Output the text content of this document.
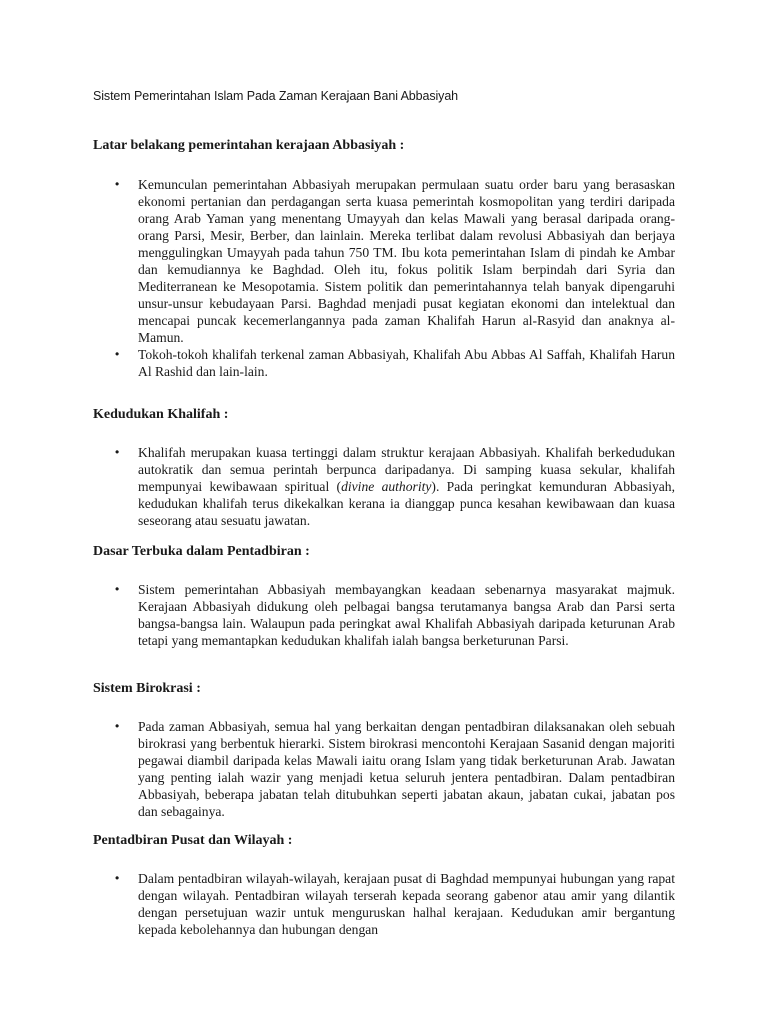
Sistem Pemerintahan Islam Pada Zaman Kerajaan Bani Abbasiyah
Latar belakang pemerintahan kerajaan Abbasiyah :
• Kemunculan pemerintahan Abbasiyah merupakan permulaan suatu order baru yang berasaskan ekonomi pertanian dan perdagangan serta kuasa pemerintah kosmopolitan yang terdiri daripada orang Arab Yaman yang menentang Umayyah dan kelas Mawali yang berasal daripada orang-orang Parsi, Mesir, Berber, dan lainlain. Mereka terlibat dalam revolusi Abbasiyah dan berjaya menggulingkan Umayyah pada tahun 750 TM. Ibu kota pemerintahan Islam di pindah ke Ambar dan kemudiannya ke Baghdad. Oleh itu, fokus politik Islam berpindah dari Syria dan Mediterranean ke Mesopotamia. Sistem politik dan pemerintahannya telah banyak dipengaruhi unsur-unsur kebudayaan Parsi. Baghdad menjadi pusat kegiatan ekonomi dan intelektual dan mencapai puncak kecemerlangannya pada zaman Khalifah Harun al-Rasyid dan anaknya al-Mamun.
• Tokoh-tokoh khalifah terkenal zaman Abbasiyah, Khalifah Abu Abbas Al Saffah, Khalifah Harun Al Rashid dan lain-lain.
Kedudukan Khalifah :
• Khalifah merupakan kuasa tertinggi dalam struktur kerajaan Abbasiyah. Khalifah berkedudukan autokratik dan semua perintah berpunca daripadanya. Di samping kuasa sekular, khalifah mempunyai kewibawaan spiritual (divine authority). Pada peringkat kemunduran Abbasiyah, kedudukan khalifah terus dikekalkan kerana ia dianggap punca kesahan kewibawaan dan kuasa seseorang atau sesuatu jawatan.
Dasar Terbuka dalam Pentadbiran :
• Sistem pemerintahan Abbasiyah membayangkan keadaan sebenarnya masyarakat majmuk. Kerajaan Abbasiyah didukung oleh pelbagai bangsa terutamanya bangsa Arab dan Parsi serta bangsa-bangsa lain. Walaupun pada peringkat awal Khalifah Abbasiyah daripada keturunan Arab tetapi yang memantapkan kedudukan khalifah ialah bangsa berketurunan Parsi.
Sistem Birokrasi :
• Pada zaman Abbasiyah, semua hal yang berkaitan dengan pentadbiran dilaksanakan oleh sebuah birokrasi yang berbentuk hierarki. Sistem birokrasi mencontohi Kerajaan Sasanid dengan majoriti pegawai diambil daripada kelas Mawali iaitu orang Islam yang tidak berketurunan Arab. Jawatan yang penting ialah wazir yang menjadi ketua seluruh jentera pentadbiran. Dalam pentadbiran Abbasiyah, beberapa jabatan telah ditubuhkan seperti jabatan akaun, jabatan cukai, jabatan pos dan sebagainya.
Pentadbiran Pusat dan Wilayah :
• Dalam pentadbiran wilayah-wilayah, kerajaan pusat di Baghdad mempunyai hubungan yang rapat dengan wilayah. Pentadbiran wilayah terserah kepada seorang gabenor atau amir yang dilantik dengan persetujuan wazir untuk menguruskan halhal kerajaan. Kedudukan amir bergantung kepada kebolehannya dan hubungan dengan
